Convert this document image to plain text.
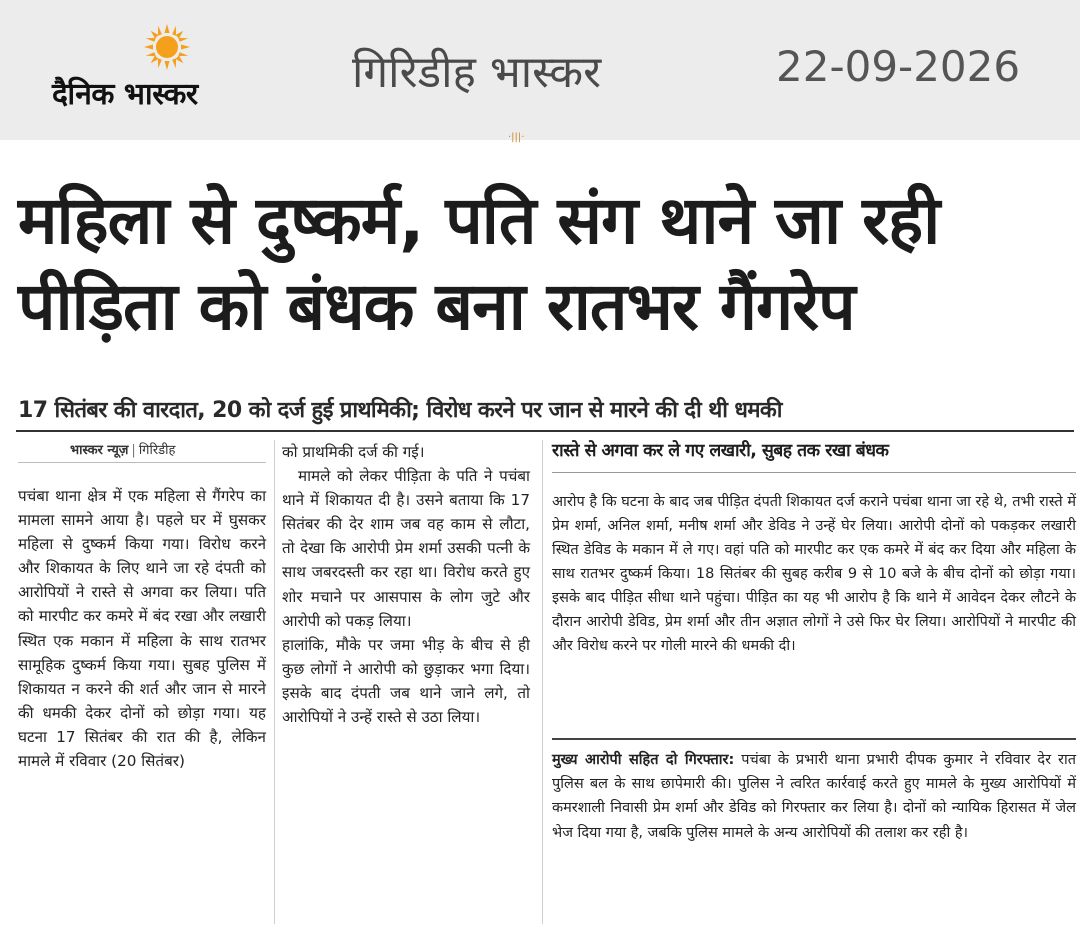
दैनिक भास्कर	गिरिडीह भास्कर	22-09-2026
·|||·
महिला से दुष्कर्म, पति संग थाने जा रही
पीड़िता को बंधक बना रातभर गैंगरेप
17 सितंबर की वारदात, 20 को दर्ज हुई प्राथमिकी; विरोध करने पर जान से मारने की दी थी धमकी
भास्कर न्यूज़ | गिरिडीह

पचंबा थाना क्षेत्र में एक महिला से गैंगरेप का मामला सामने आया है। पहले घर में घुसकर महिला से दुष्कर्म किया गया। विरोध करने और शिकायत के लिए थाने जा रहे दंपती को आरोपियों ने रास्ते से अगवा कर लिया। पति को मारपीट कर कमरे में बंद रखा और लखारी स्थित एक मकान में महिला के साथ रातभर सामूहिक दुष्कर्म किया गया। सुबह पुलिस में शिकायत न करने की शर्त और जान से मारने की धमकी देकर दोनों को छोड़ा गया। यह घटना 17 सितंबर की रात की है, लेकिन मामले में रविवार (20 सितंबर)

को प्राथमिकी दर्ज की गई।

मामले को लेकर पीड़िता के पति ने पचंबा थाने में शिकायत दी है। उसने बताया कि 17 सितंबर की देर शाम जब वह काम से लौटा, तो देखा कि आरोपी प्रेम शर्मा उसकी पत्नी के साथ जबरदस्ती कर रहा था। विरोध करते हुए शोर मचाने पर आसपास के लोग जुटे और आरोपी को पकड़ लिया।

हालांकि, मौके पर जमा भीड़ के बीच से ही कुछ लोगों ने आरोपी को छुड़ाकर भगा दिया। इसके बाद दंपती जब थाने जाने लगे, तो आरोपियों ने उन्हें रास्ते से उठा लिया।

रास्ते से अगवा कर ले गए लखारी, सुबह तक रखा बंधक

आरोप है कि घटना के बाद जब पीड़ित दंपती शिकायत दर्ज कराने पचंबा थाना जा रहे थे, तभी रास्ते में प्रेम शर्मा, अनिल शर्मा, मनीष शर्मा और डेविड ने उन्हें घेर लिया। आरोपी दोनों को पकड़कर लखारी स्थित डेविड के मकान में ले गए। वहां पति को मारपीट कर एक कमरे में बंद कर दिया और महिला के साथ रातभर दुष्कर्म किया। 18 सितंबर की सुबह करीब 9 से 10 बजे के बीच दोनों को छोड़ा गया। इसके बाद पीड़ित सीधा थाने पहुंचा। पीड़ित का यह भी आरोप है कि थाने में आवेदन देकर लौटने के दौरान आरोपी डेविड, प्रेम शर्मा और तीन अज्ञात लोगों ने उसे फिर घेर लिया। आरोपियों ने मारपीट की और विरोध करने पर गोली मारने की धमकी दी।

मुख्य आरोपी सहित दो गिरफ्तार: पचंबा के प्रभारी थाना प्रभारी दीपक कुमार ने रविवार देर रात पुलिस बल के साथ छापेमारी की। पुलिस ने त्वरित कार्रवाई करते हुए मामले के मुख्य आरोपियों में कमरशाली निवासी प्रेम शर्मा और डेविड को गिरफ्तार कर लिया है। दोनों को न्यायिक हिरासत में जेल भेज दिया गया है, जबकि पुलिस मामले के अन्य आरोपियों की तलाश कर रही है।
